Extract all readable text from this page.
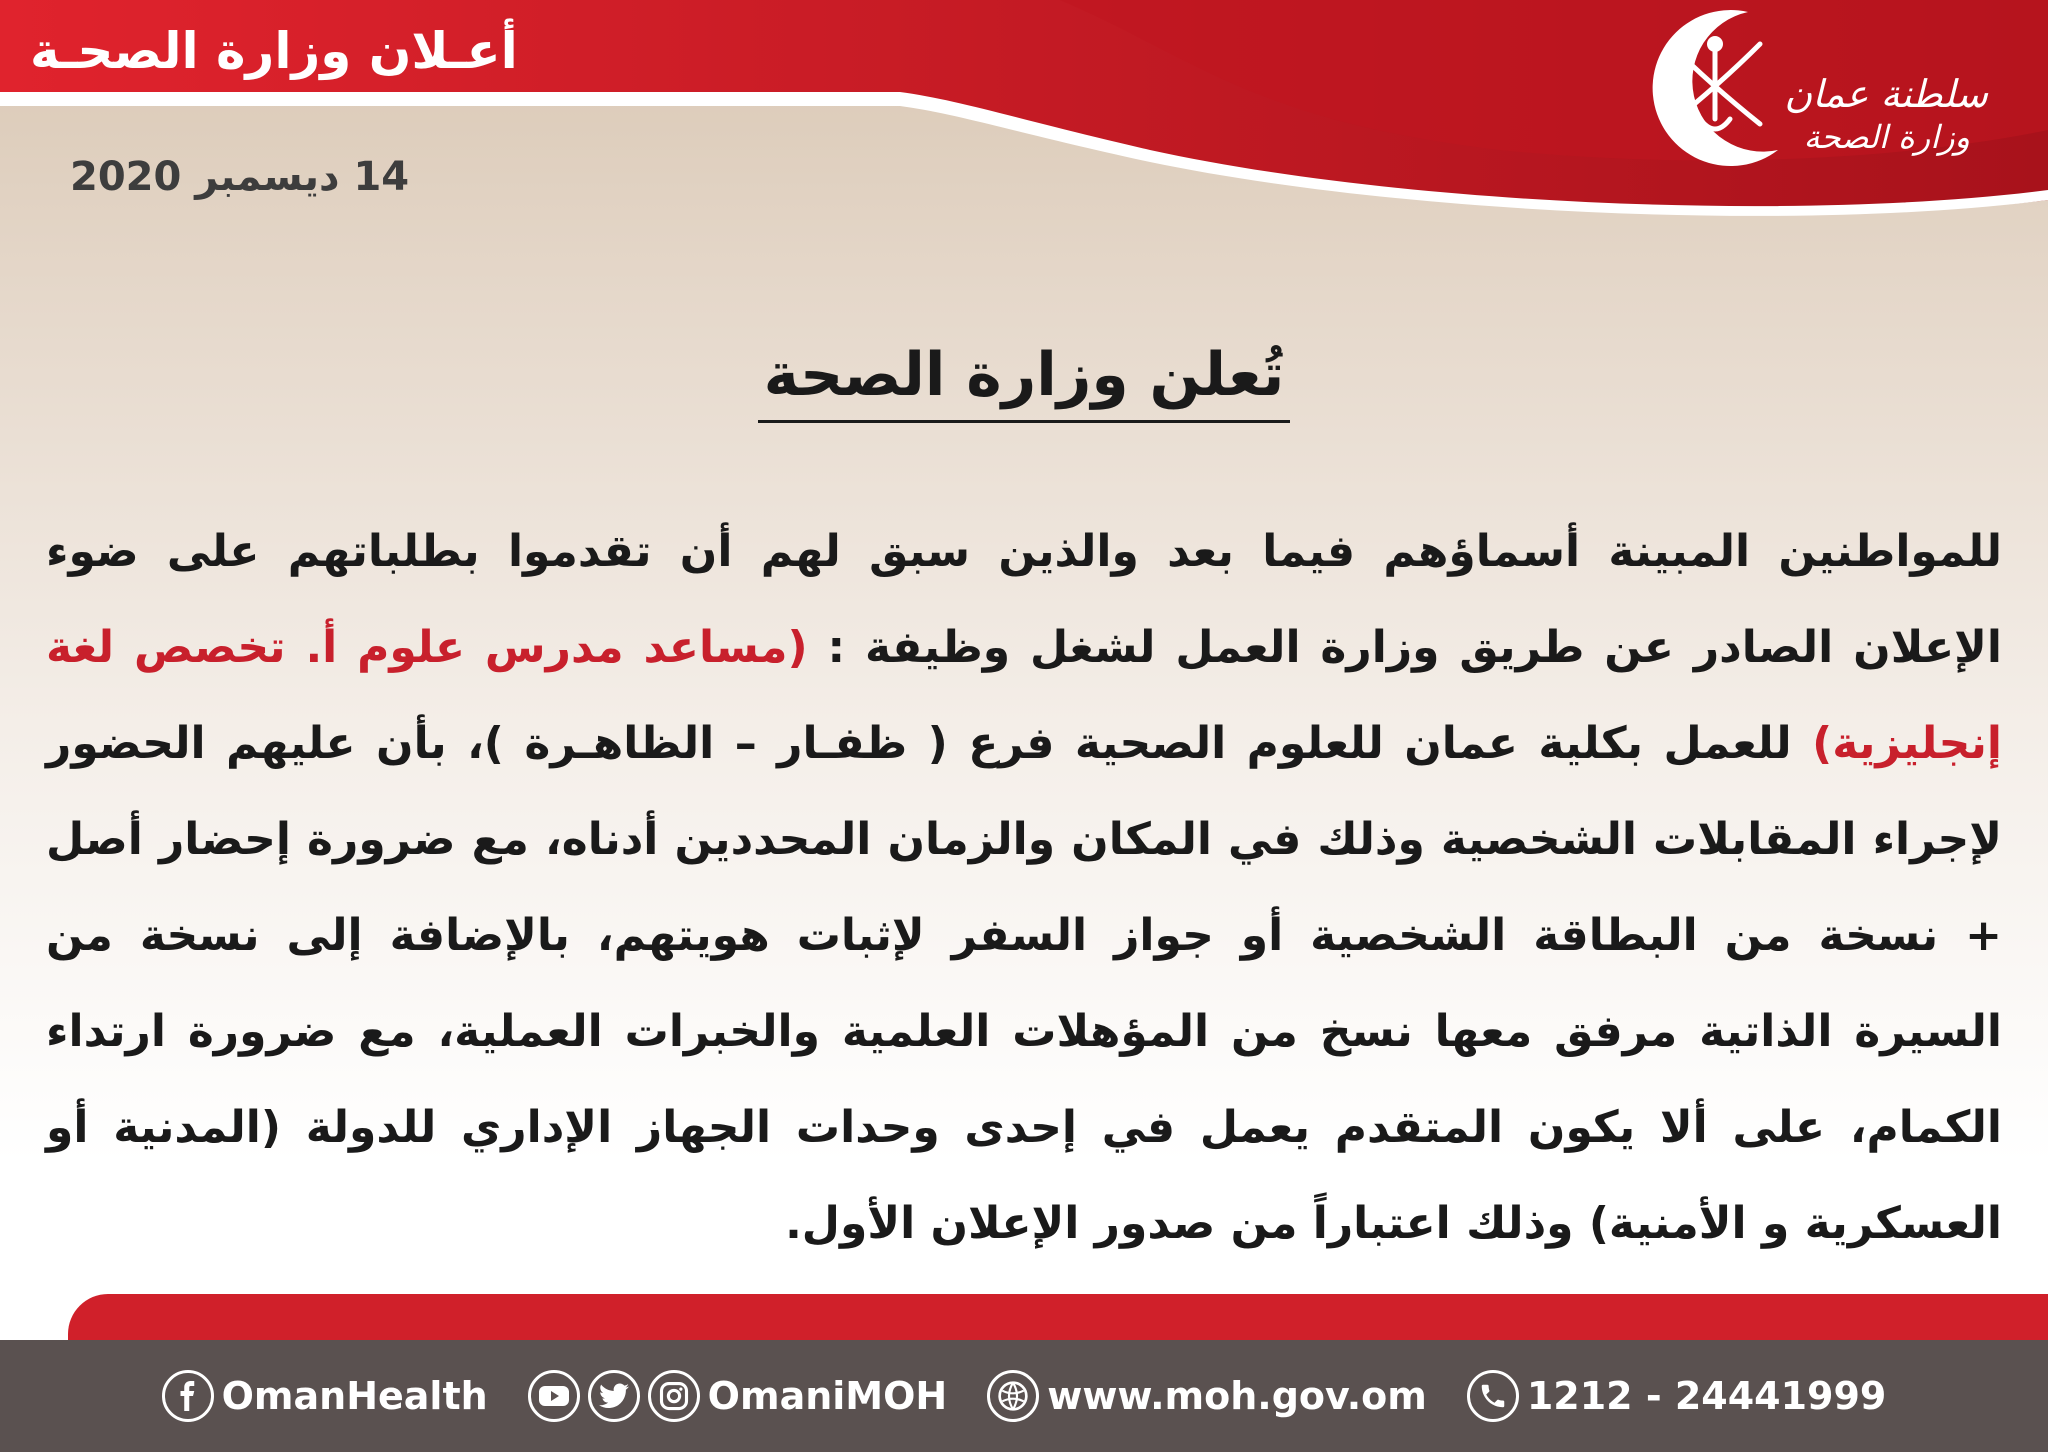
أعـلان وزارة الصحـة
14 ديسمبر 2020
سلطنة عمان
وزارة الصحة
تُعلن وزارة الصحة

للمواطنين المبينة أسماؤهم فيما بعد والذين سبق لهم أن تقدموا بطلباتهم على ضوء الإعلان الصادر عن طريق وزارة العمل لشغل وظيفة : (مساعد مدرس علوم أ. تخصص لغة إنجليزية) للعمل بكلية عمان للعلوم الصحية فرع ( ظفـار – الظاهـرة )، بأن عليهم الحضور لإجراء المقابلات الشخصية وذلك في المكان والزمان المحددين أدناه، مع ضرورة إحضار أصل + نسخة من البطاقة الشخصية أو جواز السفر لإثبات هويتهم، بالإضافة إلى نسخة من السيرة الذاتية مرفق معها نسخ من المؤهلات العلمية والخبرات العملية، مع ضرورة ارتداء الكمام، على ألا يكون المتقدم يعمل في إحدى وحدات الجهاز الإداري للدولة (المدنية أو العسكرية و الأمنية) وذلك اعتباراً من صدور الإعلان الأول.

OmanHealth	OmaniMOH	www.moh.gov.om	1212 - 24441999
